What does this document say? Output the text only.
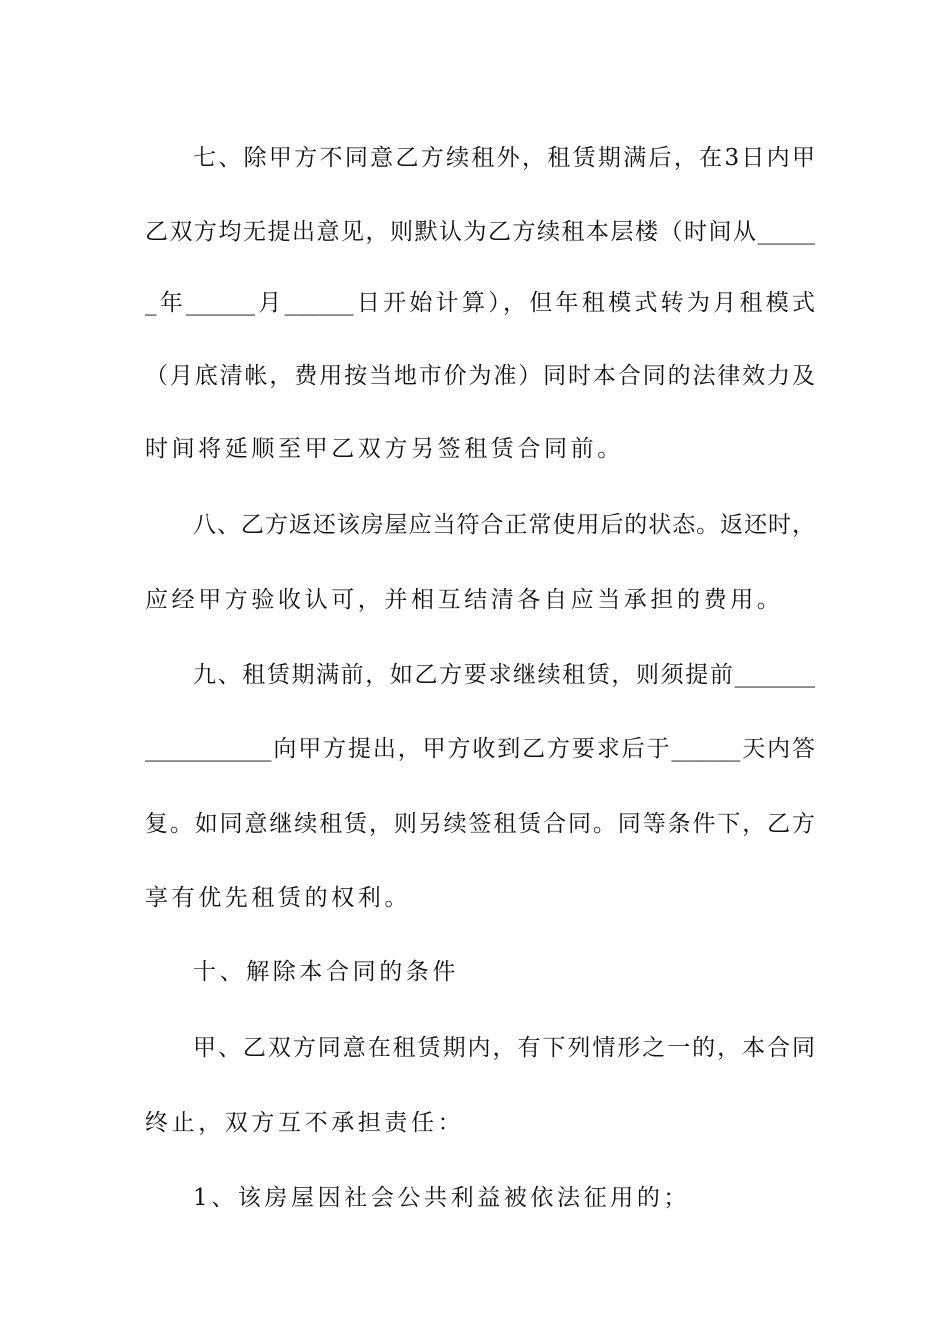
七、除甲方不同意乙方续租外，租赁期满后，在3日内甲
乙双方均无提出意见，则默认为乙方续租本层楼（时间从_____
_年______月______日开始计算），但年租模式转为月租模式
（月底清帐，费用按当地市价为准）同时本合同的法律效力及
时间将延顺至甲乙双方另签租赁合同前。
八、乙方返还该房屋应当符合正常使用后的状态。返还时，
应经甲方验收认可，并相互结清各自应当承担的费用。
九、租赁期满前，如乙方要求继续租赁，则须提前_______
___________向甲方提出，甲方收到乙方要求后于______天内答
复。如同意继续租赁，则另续签租赁合同。同等条件下，乙方
享有优先租赁的权利。
十、解除本合同的条件
甲、乙双方同意在租赁期内，有下列情形之一的，本合同
终止，双方互不承担责任：
1、该房屋因社会公共利益被依法征用的；
